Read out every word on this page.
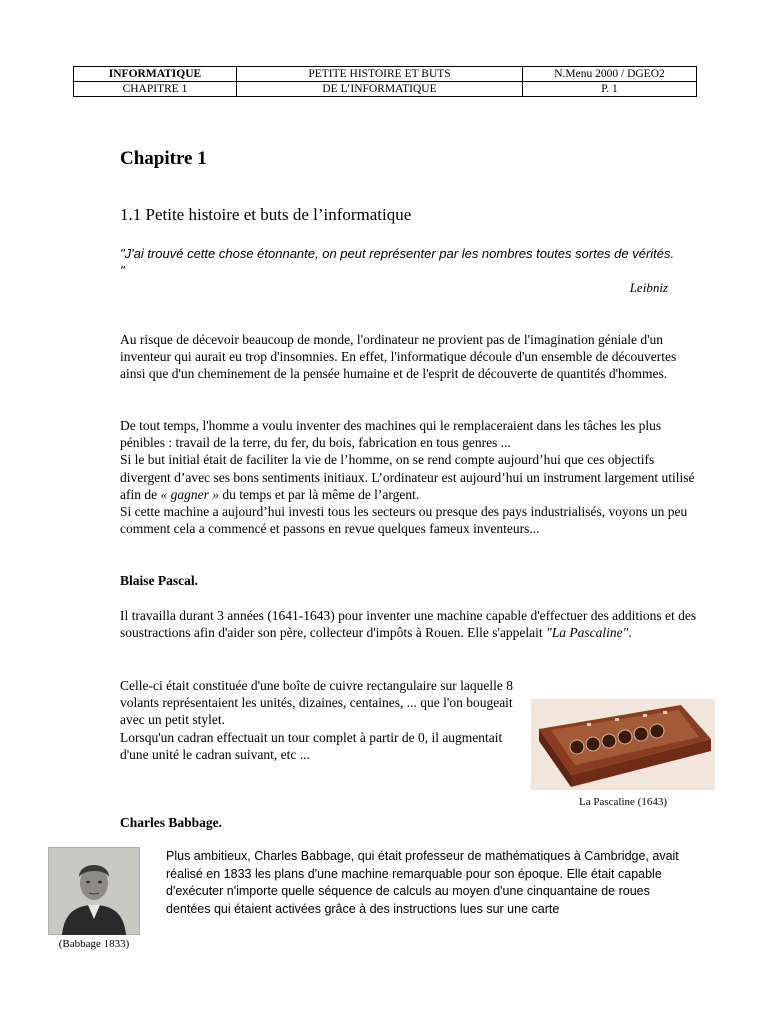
INFORMATIQUE	PETITE HISTOIRE ET BUTS	N.Menu 2000 / DGEO2
CHAPITRE 1	DE L’INFORMATIQUE	P. 1
Chapitre 1
1.1 Petite histoire et buts de l’informatique

"J'ai trouvé cette chose étonnante, on peut représenter par les nombres toutes sortes de vérités. "

Leibniz

Au risque de décevoir beaucoup de monde, l'ordinateur ne provient pas de l'imagination géniale d'un inventeur qui aurait eu trop d'insomnies. En effet, l'informatique découle d'un ensemble de découvertes ainsi que d'un cheminement de la pensée humaine et de l'esprit de découverte de quantités d'hommes.

De tout temps, l'homme a voulu inventer des machines qui le remplaceraient dans les tâches les plus pénibles : travail de la terre, du fer, du bois, fabrication en tous genres ...

Si le but initial était de faciliter la vie de l’homme, on se rend compte aujourd’hui que ces objectifs divergent d’avec ses bons sentiments initiaux. L’ordinateur est aujourd’hui un instrument largement utilisé afin de « gagner » du temps et par là même de l’argent.

Si cette machine a aujourd’hui investi tous les secteurs ou presque des pays industrialisés, voyons un peu comment cela a commencé et passons en revue quelques fameux inventeurs...

Blaise Pascal.

Il travailla durant 3 années (1641-1643) pour inventer une machine capable d'effectuer des additions et des soustractions afin d'aider son père, collecteur d'impôts à Rouen. Elle s'appelait "La Pascaline".

Celle-ci était constituée d'une boîte de cuivre rectangulaire sur laquelle 8 volants représentaient les unités, dizaines, centaines, ... que l'on bougeait avec un petit stylet.

Lorsqu'un cadran effectuait un tour complet à partir de 0, il augmentait d'une unité le cadran suivant, etc ...

La Pascaline (1643)
Charles Babbage.
(Babbage 1833)

Plus ambitieux, Charles Babbage, qui était professeur de mathématiques à Cambridge, avait réalisé en 1833 les plans d'une machine remarquable pour son époque. Elle était capable d'exécuter n'importe quelle séquence de calculs au moyen d'une cinquantaine de roues dentées qui étaient activées grâce à des instructions lues sur une carte
